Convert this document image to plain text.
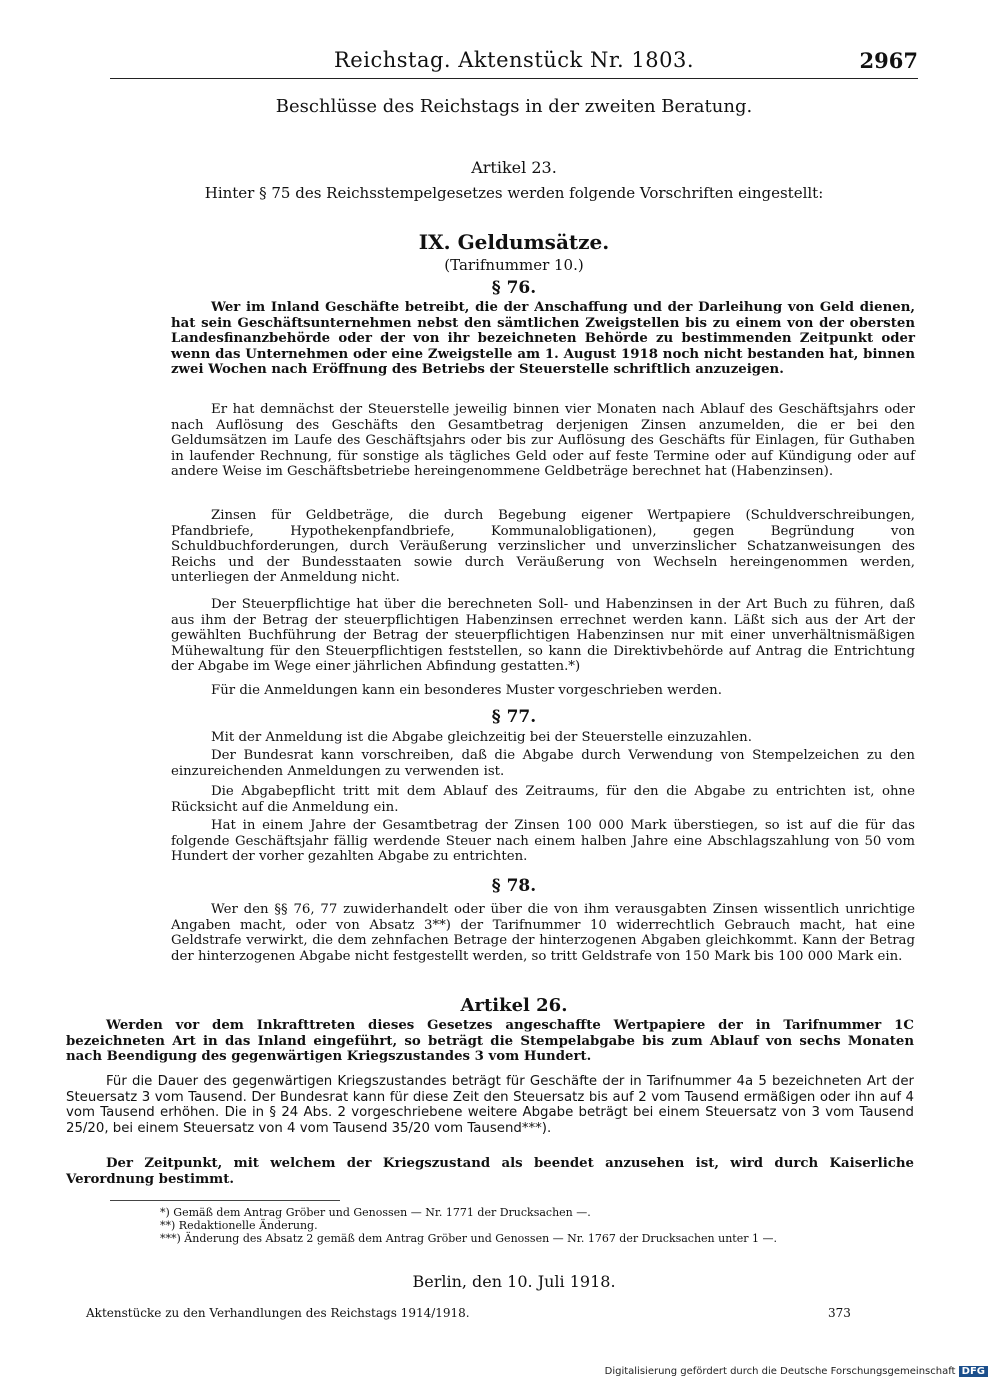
Reichstag. Aktenstück Nr. 1803.	2967
Beschlüsse des Reichstags in der zweiten Beratung.
Artikel 23.
Hinter § 75 des Reichsstempelgesetzes werden folgende Vorschriften eingestellt:
IX. Geldumsätze.
(Tarifnummer 10.)
§ 76.
Wer im Inland Geschäfte betreibt, die der Anschaffung und der Darleihung von Geld dienen, hat sein Geschäftsunternehmen nebst den sämtlichen Zweigstellen bis zu einem von der obersten Landesfinanzbehörde oder der von ihr bezeichneten Behörde zu bestimmenden Zeitpunkt oder wenn das Unternehmen oder eine Zweigstelle am 1. August 1918 noch nicht bestanden hat, binnen zwei Wochen nach Eröffnung des Betriebs der Steuerstelle schriftlich anzuzeigen.
Er hat demnächst der Steuerstelle jeweilig binnen vier Monaten nach Ablauf des Geschäftsjahrs oder nach Auflösung des Geschäfts den Gesamtbetrag derjenigen Zinsen anzumelden, die er bei den Geldumsätzen im Laufe des Geschäftsjahrs oder bis zur Auflösung des Geschäfts für Einlagen, für Guthaben in laufender Rechnung, für sonstige als tägliches Geld oder auf feste Termine oder auf Kündigung oder auf andere Weise im Geschäftsbetriebe hereingenommene Geldbeträge berechnet hat (Habenzinsen).
Zinsen für Geldbeträge, die durch Begebung eigener Wertpapiere (Schuldverschreibungen, Pfandbriefe, Hypothekenpfandbriefe, Kommunalobligationen), gegen Begründung von Schuldbuchforderungen, durch Veräußerung verzinslicher und unverzinslicher Schatzanweisungen des Reichs und der Bundesstaaten sowie durch Veräußerung von Wechseln hereingenommen werden, unterliegen der Anmeldung nicht.
Der Steuerpflichtige hat über die berechneten Soll- und Habenzinsen in der Art Buch zu führen, daß aus ihm der Betrag der steuerpflichtigen Habenzinsen errechnet werden kann. Läßt sich aus der Art der gewählten Buchführung der Betrag der steuerpflichtigen Habenzinsen nur mit einer unverhältnismäßigen Mühewaltung für den Steuerpflichtigen feststellen, so kann die Direktivbehörde auf Antrag die Entrichtung der Abgabe im Wege einer jährlichen Abfindung gestatten.*)
Für die Anmeldungen kann ein besonderes Muster vorgeschrieben werden.
§ 77.
Mit der Anmeldung ist die Abgabe gleichzeitig bei der Steuerstelle einzuzahlen.
Der Bundesrat kann vorschreiben, daß die Abgabe durch Verwendung von Stempelzeichen zu den einzureichenden Anmeldungen zu verwenden ist.
Die Abgabepflicht tritt mit dem Ablauf des Zeitraums, für den die Abgabe zu entrichten ist, ohne Rücksicht auf die Anmeldung ein.
Hat in einem Jahre der Gesamtbetrag der Zinsen 100 000 Mark überstiegen, so ist auf die für das folgende Geschäftsjahr fällig werdende Steuer nach einem halben Jahre eine Abschlagszahlung von 50 vom Hundert der vorher gezahlten Abgabe zu entrichten.
§ 78.
Wer den §§ 76, 77 zuwiderhandelt oder über die von ihm verausgabten Zinsen wissentlich unrichtige Angaben macht, oder von Absatz 3**) der Tarifnummer 10 widerrechtlich Gebrauch macht, hat eine Geldstrafe verwirkt, die dem zehnfachen Betrage der hinterzogenen Abgaben gleichkommt. Kann der Betrag der hinterzogenen Abgabe nicht festgestellt werden, so tritt Geldstrafe von 150 Mark bis 100 000 Mark ein.
Artikel 26.
Werden vor dem Inkrafttreten dieses Gesetzes angeschaffte Wertpapiere der in Tarifnummer 1C bezeichneten Art in das Inland eingeführt, so beträgt die Stempelabgabe bis zum Ablauf von sechs Monaten nach Beendigung des gegenwärtigen Kriegszustandes 3 vom Hundert.
Für die Dauer des gegenwärtigen Kriegszustandes beträgt für Geschäfte der in Tarifnummer 4a 5 bezeichneten Art der Steuersatz 3 vom Tausend. Der Bundesrat kann für diese Zeit den Steuersatz bis auf 2 vom Tausend ermäßigen oder ihn auf 4 vom Tausend erhöhen. Die in § 24 Abs. 2 vorgeschriebene weitere Abgabe beträgt bei einem Steuersatz von 3 vom Tausend 25/20, bei einem Steuersatz von 4 vom Tausend 35/20 vom Tausend***).
Der Zeitpunkt, mit welchem der Kriegszustand als beendet anzusehen ist, wird durch Kaiserliche Verordnung bestimmt.
*) Gemäß dem Antrag Gröber und Genossen — Nr. 1771 der Drucksachen —.
**) Redaktionelle Änderung.
***) Änderung des Absatz 2 gemäß dem Antrag Gröber und Genossen — Nr. 1767 der Drucksachen unter 1 —.
Berlin, den 10. Juli 1918.
Aktenstücke zu den Verhandlungen des Reichstags 1914/1918.	373
Digitalisierung gefördert durch die Deutsche Forschungsgemeinschaft DFG
